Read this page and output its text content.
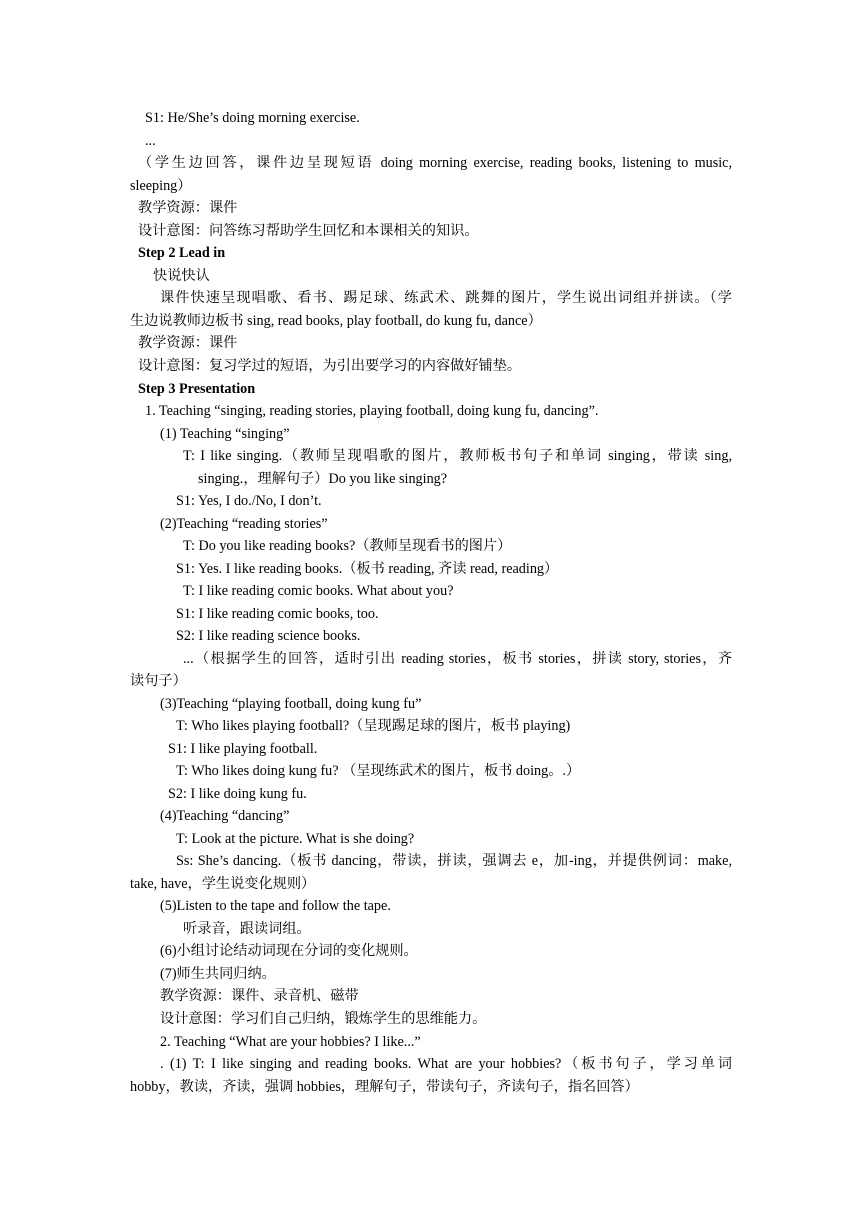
S1: He/She’s doing morning exercise.
...
（学生边回答，课件边呈现短语 doing morning exercise, reading books, listening to music,
sleeping）
教学资源：课件
设计意图：问答练习帮助学生回忆和本课相关的知识。
Step 2 Lead in
快说快认
课件快速呈现唱歌、看书、踢足球、练武术、跳舞的图片，学生说出词组并拼读。（学
生边说教师边板书 sing, read books, play football, do kung fu, dance）
教学资源：课件
设计意图：复习学过的短语，为引出要学习的内容做好铺垫。
Step 3 Presentation
1. Teaching “singing, reading stories, playing football, doing kung fu, dancing”.
(1) Teaching “singing”
T: I like singing.（教师呈现唱歌的图片，教师板书句子和单词 singing，带读 sing,
singing.，理解句子）Do you like singing?
S1: Yes, I do./No, I don’t.
(2)Teaching “reading stories”
T: Do you like reading books?（教师呈现看书的图片）
S1: Yes. I like reading books.（板书 reading, 齐读 read, reading）
T: I like reading comic books. What about you?
S1: I like reading comic books, too.
S2: I like reading science books.
...（根据学生的回答，适时引出 reading stories，板书 stories，拼读 story, stories，齐
读句子）
(3)Teaching “playing football, doing kung fu”
T: Who likes playing football?（呈现踢足球的图片，板书 playing)
S1: I like playing football.
T: Who likes doing kung fu? （呈现练武术的图片，板书 doing。.）
S2: I like doing kung fu.
(4)Teaching “dancing”
T: Look at the picture. What is she doing?
Ss: She’s dancing.（板书 dancing，带读，拼读，强调去 e，加-ing，并提供例词：make,
take, have，学生说变化规则）
(5)Listen to the tape and follow the tape.
听录音，跟读词组。
(6)小组讨论结动词现在分词的变化规则。
(7)师生共同归纳。
教学资源：课件、录音机、磁带
设计意图：学习们自己归纳，锻炼学生的思维能力。
2. Teaching “What are your hobbies? I like...”
. (1) T: I like singing and reading books. What are your hobbies?（板书句子，学习单词
hobby，教读，齐读，强调 hobbies，理解句子，带读句子，齐读句子，指名回答）
